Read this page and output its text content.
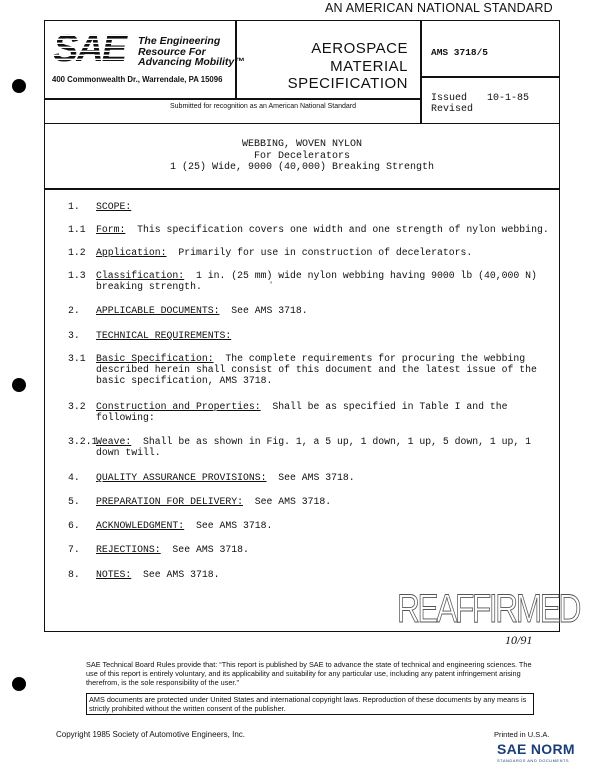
AN AMERICAN NATIONAL STANDARD
SAE	The Engineering
Resource For
Advancing Mobility™
400 Commonwealth Dr., Warrendale, PA 15096
Submitted for recognition as an American National Standard
AEROSPACE
MATERIAL
SPECIFICATION
AMS 3718/5
Issued 10-1-85
Revised
WEBBING, WOVEN NYLON
For Decelerators
1 (25) Wide, 9000 (40,000) Breaking Strength
1. SCOPE:
1.1 Form:  This specification covers one width and one strength of nylon webbing.
1.2 Application:  Primarily for use in construction of decelerators.
1.3 Classification:  1 in. (25 mm) wide nylon webbing having 9000 lb (40,000 N)
breaking strength.
2. APPLICABLE DOCUMENTS:  See AMS 3718.
3. TECHNICAL REQUIREMENTS:
3.1 Basic Specification:  The complete requirements for procuring the webbing
described herein shall consist of this document and the latest issue of the
basic specification, AMS 3718.
3.2 Construction and Properties:  Shall be as specified in Table I and the
following:
3.2.1
Weave:  Shall be as shown in Fig. 1, a 5 up, 1 down, 1 up, 5 down, 1 up, 1
down twill.
4. QUALITY ASSURANCE PROVISIONS:  See AMS 3718.
5. PREPARATION FOR DELIVERY:  See AMS 3718.
6. ACKNOWLEDGMENT:  See AMS 3718.
7. REJECTIONS:  See AMS 3718.
8. NOTES:  See AMS 3718.
’
REAFFIRMED
10/91
SAE Technical Board Rules provide that: “This report is published by SAE to advance the state of technical and engineering sciences. The use of this report is entirely voluntary, and its applicability and suitability for any particular use, including any patent infringement arising therefrom, is the sole responsibility of the user.”
AMS documents are protected under United States and international copyright laws. Reproduction of these documents by any means is strictly prohibited without the written consent of the publisher.
Copyright 1985 Society of Automotive Engineers, Inc.	Printed in U.S.A.
SAE NORM
STANDARDS AND DOCUMENTS
